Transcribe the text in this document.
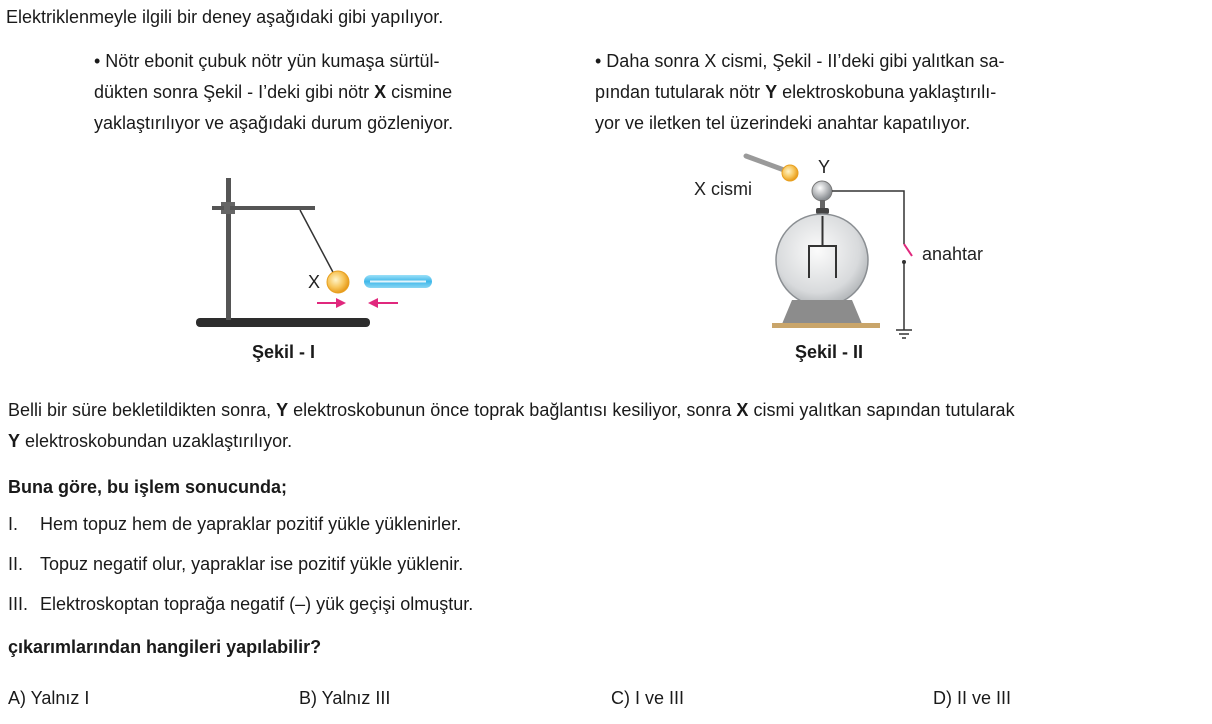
Elektriklenmeyle ilgili bir deney aşağıdaki gibi yapılıyor.
• Nötr ebonit çubuk nötr yün kumaşa sürtül-
dükten sonra Şekil - I’deki gibi nötr X cismine
yaklaştırılıyor ve aşağıdaki durum gözleniyor.
• Daha sonra X cismi, Şekil - II’deki gibi yalıtkan sa-
pından tutularak nötr Y elektroskobuna yaklaştırılı-
yor ve iletken tel üzerindeki anahtar kapatılıyor.
X
Şekil - I
X cismi
Y
anahtar
Şekil - II
Belli bir süre bekletildikten sonra, Y elektroskobunun önce toprak bağlantısı kesiliyor, sonra X cismi yalıtkan sapından tutularak
Y elektroskobundan uzaklaştırılıyor.
Buna göre, bu işlem sonucunda;
I. Hem topuz hem de yapraklar pozitif yükle yüklenirler.
II. Topuz negatif olur, yapraklar ise pozitif yükle yüklenir.
III. Elektroskoptan toprağa negatif (–) yük geçişi olmuştur.
çıkarımlarından hangileri yapılabilir?
A) Yalnız I	B) Yalnız III	C) I ve III	D) II ve III
